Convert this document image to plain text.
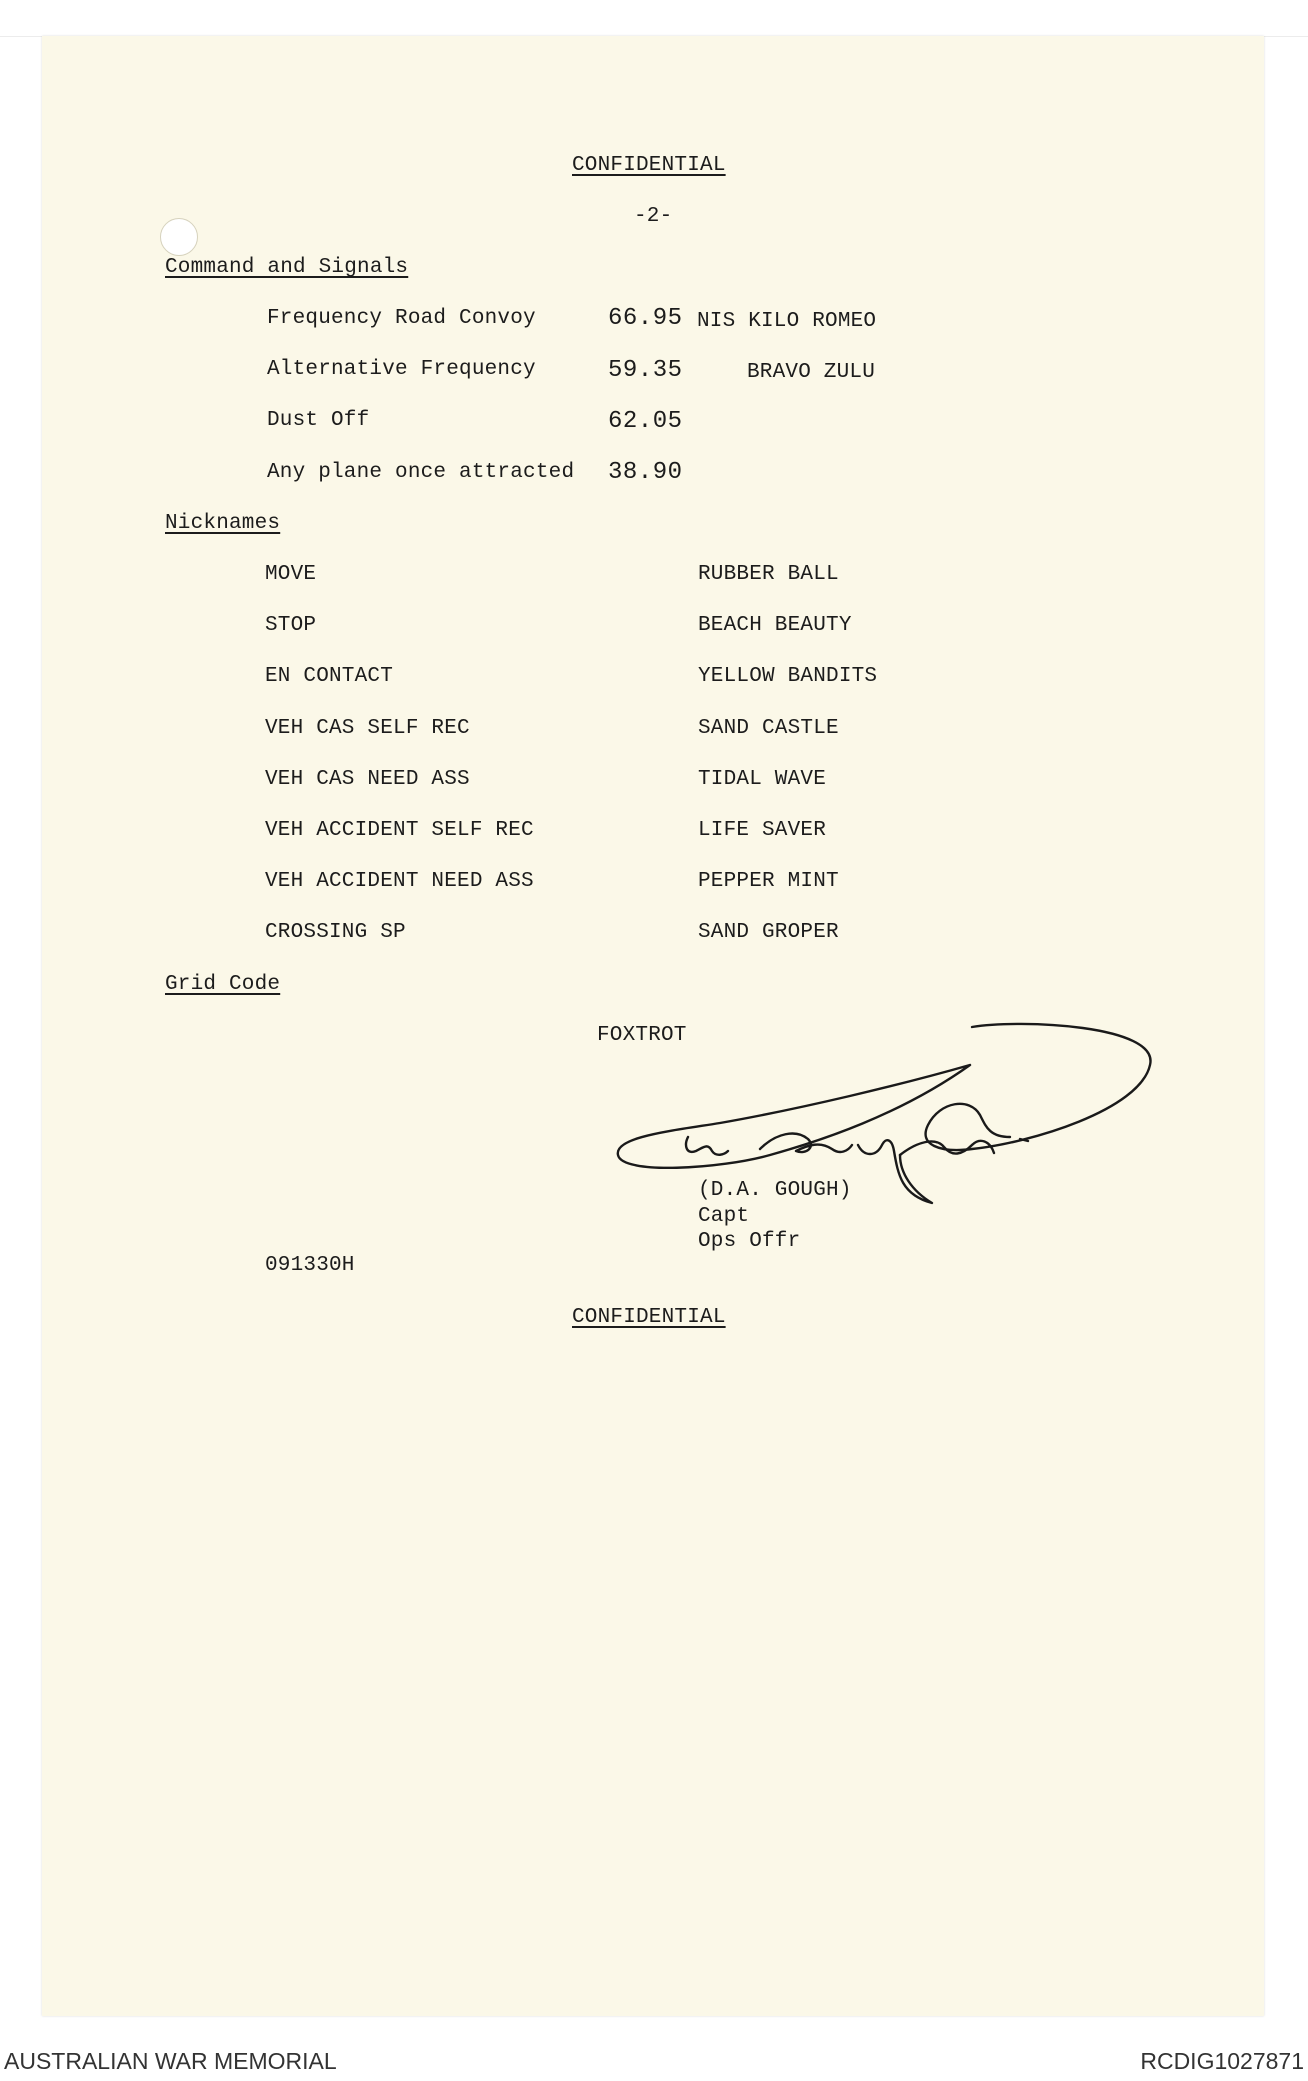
CONFIDENTIAL
-2-
Command and Signals
Frequency Road Convoy	66.95 NIS KILO ROMEO
Alternative Frequency	59.35	BRAVO ZULU
Dust Off	62.05
Any plane once attracted 38.90
Nicknames
MOVE	RUBBER BALL
STOP	BEACH BEAUTY
EN CONTACT	YELLOW BANDITS
VEH CAS SELF REC	SAND CASTLE
VEH CAS NEED ASS	TIDAL WAVE
VEH ACCIDENT SELF REC	LIFE SAVER
VEH ACCIDENT NEED ASS	PEPPER MINT
CROSSING SP	SAND GROPER
Grid Code
FOXTROT
(D.A. GOUGH)
Capt
Ops Offr
091330H
CONFIDENTIAL
AUSTRALIAN WAR MEMORIAL	RCDIG1027871
